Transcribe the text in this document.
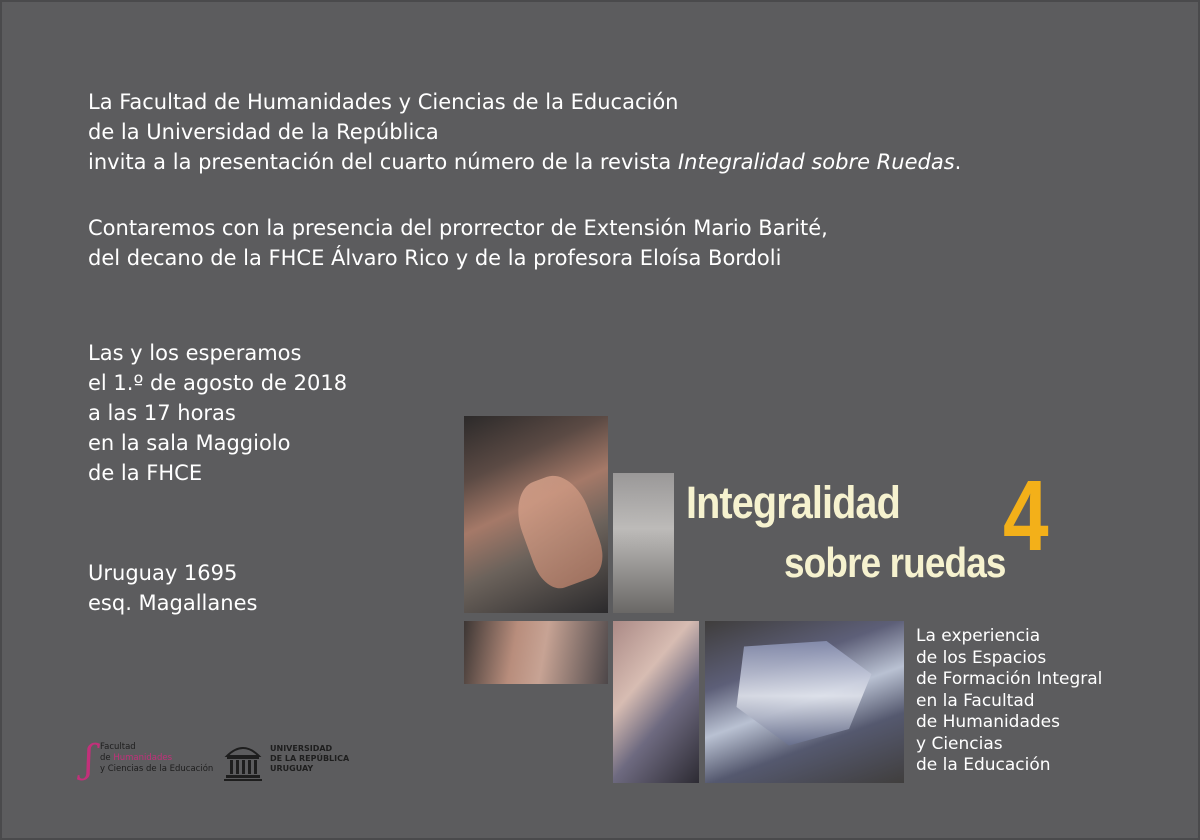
La Facultad de Humanidades y Ciencias de la Educación
de la Universidad de la República
invita a la presentación del cuarto número de la revista Integralidad sobre Ruedas.
Contaremos con la presencia del prorrector de Extensión Mario Barité,
del decano de la FHCE Álvaro Rico y de la profesora Eloísa Bordoli
Las y los esperamos
el 1.º de agosto de 2018
a las 17 horas
en la sala Maggiolo
de la FHCE
Uruguay 1695
esq. Magallanes
4
Integralidad
sobre ruedas
La experiencia
de los Espacios
de Formación Integral
en la Facultad
de Humanidades
y Ciencias
de la Educación
ʃ Facultad
de Humanidades
y Ciencias de la Educación
UNIVERSIDAD
DE LA REPÚBLICA
URUGUAY
